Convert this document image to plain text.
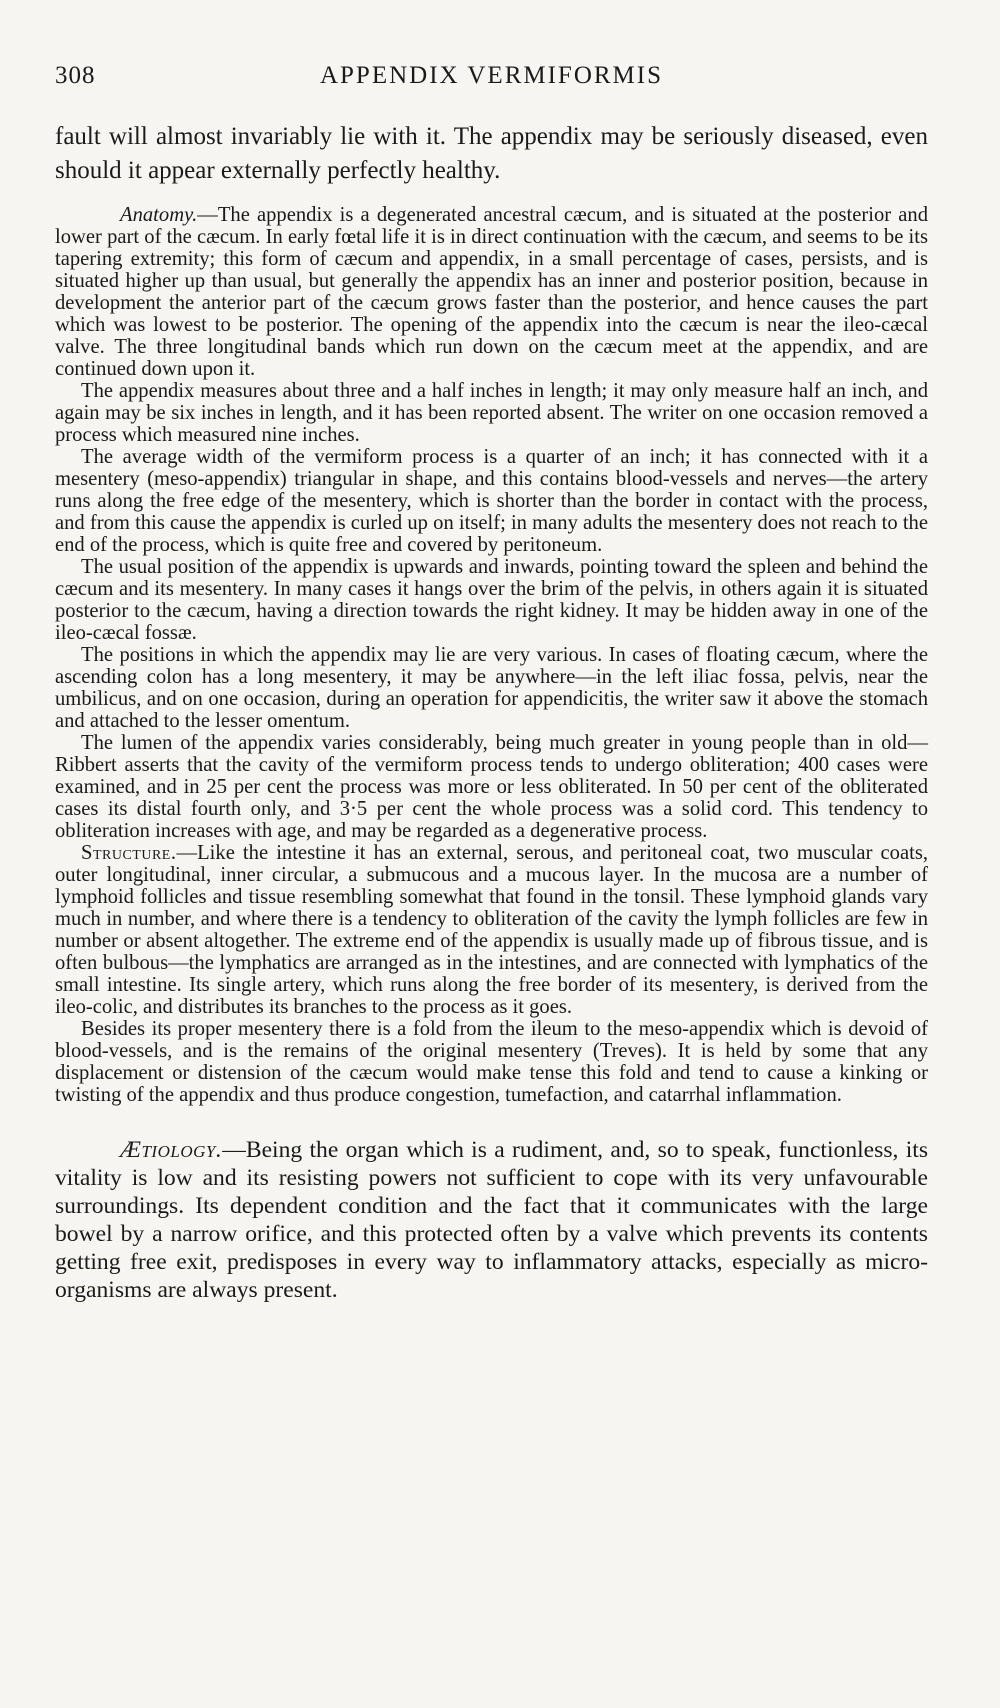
308	APPENDIX VERMIFORMIS

fault will almost invariably lie with it. The appendix may be seriously diseased, even should it appear externally perfectly healthy.

Anatomy.—The appendix is a degenerated ancestral cæcum, and is situated at the posterior and lower part of the cæcum. In early fœtal life it is in direct continuation with the cæcum, and seems to be its tapering extremity; this form of cæcum and appendix, in a small percentage of cases, persists, and is situated higher up than usual, but generally the appendix has an inner and posterior position, because in development the anterior part of the cæcum grows faster than the posterior, and hence causes the part which was lowest to be posterior. The opening of the appendix into the cæcum is near the ileo-cæcal valve. The three longitudinal bands which run down on the cæcum meet at the appendix, and are continued down upon it.

The appendix measures about three and a half inches in length; it may only measure half an inch, and again may be six inches in length, and it has been reported absent. The writer on one occasion removed a process which measured nine inches.

The average width of the vermiform process is a quarter of an inch; it has connected with it a mesentery (meso-appendix) triangular in shape, and this contains blood-vessels and nerves—the artery runs along the free edge of the mesentery, which is shorter than the border in contact with the process, and from this cause the appendix is curled up on itself; in many adults the mesentery does not reach to the end of the process, which is quite free and covered by peritoneum.

The usual position of the appendix is upwards and inwards, pointing toward the spleen and behind the cæcum and its mesentery. In many cases it hangs over the brim of the pelvis, in others again it is situated posterior to the cæcum, having a direction towards the right kidney. It may be hidden away in one of the ileo-cæcal fossæ.

The positions in which the appendix may lie are very various. In cases of floating cæcum, where the ascending colon has a long mesentery, it may be anywhere—in the left iliac fossa, pelvis, near the umbilicus, and on one occasion, during an operation for appendicitis, the writer saw it above the stomach and attached to the lesser omentum.

The lumen of the appendix varies considerably, being much greater in young people than in old—Ribbert asserts that the cavity of the vermiform process tends to undergo obliteration; 400 cases were examined, and in 25 per cent the process was more or less obliterated. In 50 per cent of the obliterated cases its distal fourth only, and 3·5 per cent the whole process was a solid cord. This tendency to obliteration increases with age, and may be regarded as a degenerative process.

Structure.—Like the intestine it has an external, serous, and peritoneal coat, two muscular coats, outer longitudinal, inner circular, a submucous and a mucous layer. In the mucosa are a number of lymphoid follicles and tissue resembling somewhat that found in the tonsil. These lymphoid glands vary much in number, and where there is a tendency to obliteration of the cavity the lymph follicles are few in number or absent altogether. The extreme end of the appendix is usually made up of fibrous tissue, and is often bulbous—the lymphatics are arranged as in the intestines, and are connected with lymphatics of the small intestine. Its single artery, which runs along the free border of its mesentery, is derived from the ileo-colic, and distributes its branches to the process as it goes.

Besides its proper mesentery there is a fold from the ileum to the meso-appendix which is devoid of blood-vessels, and is the remains of the original mesentery (Treves). It is held by some that any displacement or distension of the cæcum would make tense this fold and tend to cause a kinking or twisting of the appendix and thus produce congestion, tumefaction, and catarrhal inflammation.

Ætiology.—Being the organ which is a rudiment, and, so to speak, functionless, its vitality is low and its resisting powers not sufficient to cope with its very unfavourable surroundings. Its dependent condition and the fact that it communicates with the large bowel by a narrow orifice, and this protected often by a valve which prevents its contents getting free exit, predisposes in every way to inflammatory attacks, especially as micro-organisms are always present.
